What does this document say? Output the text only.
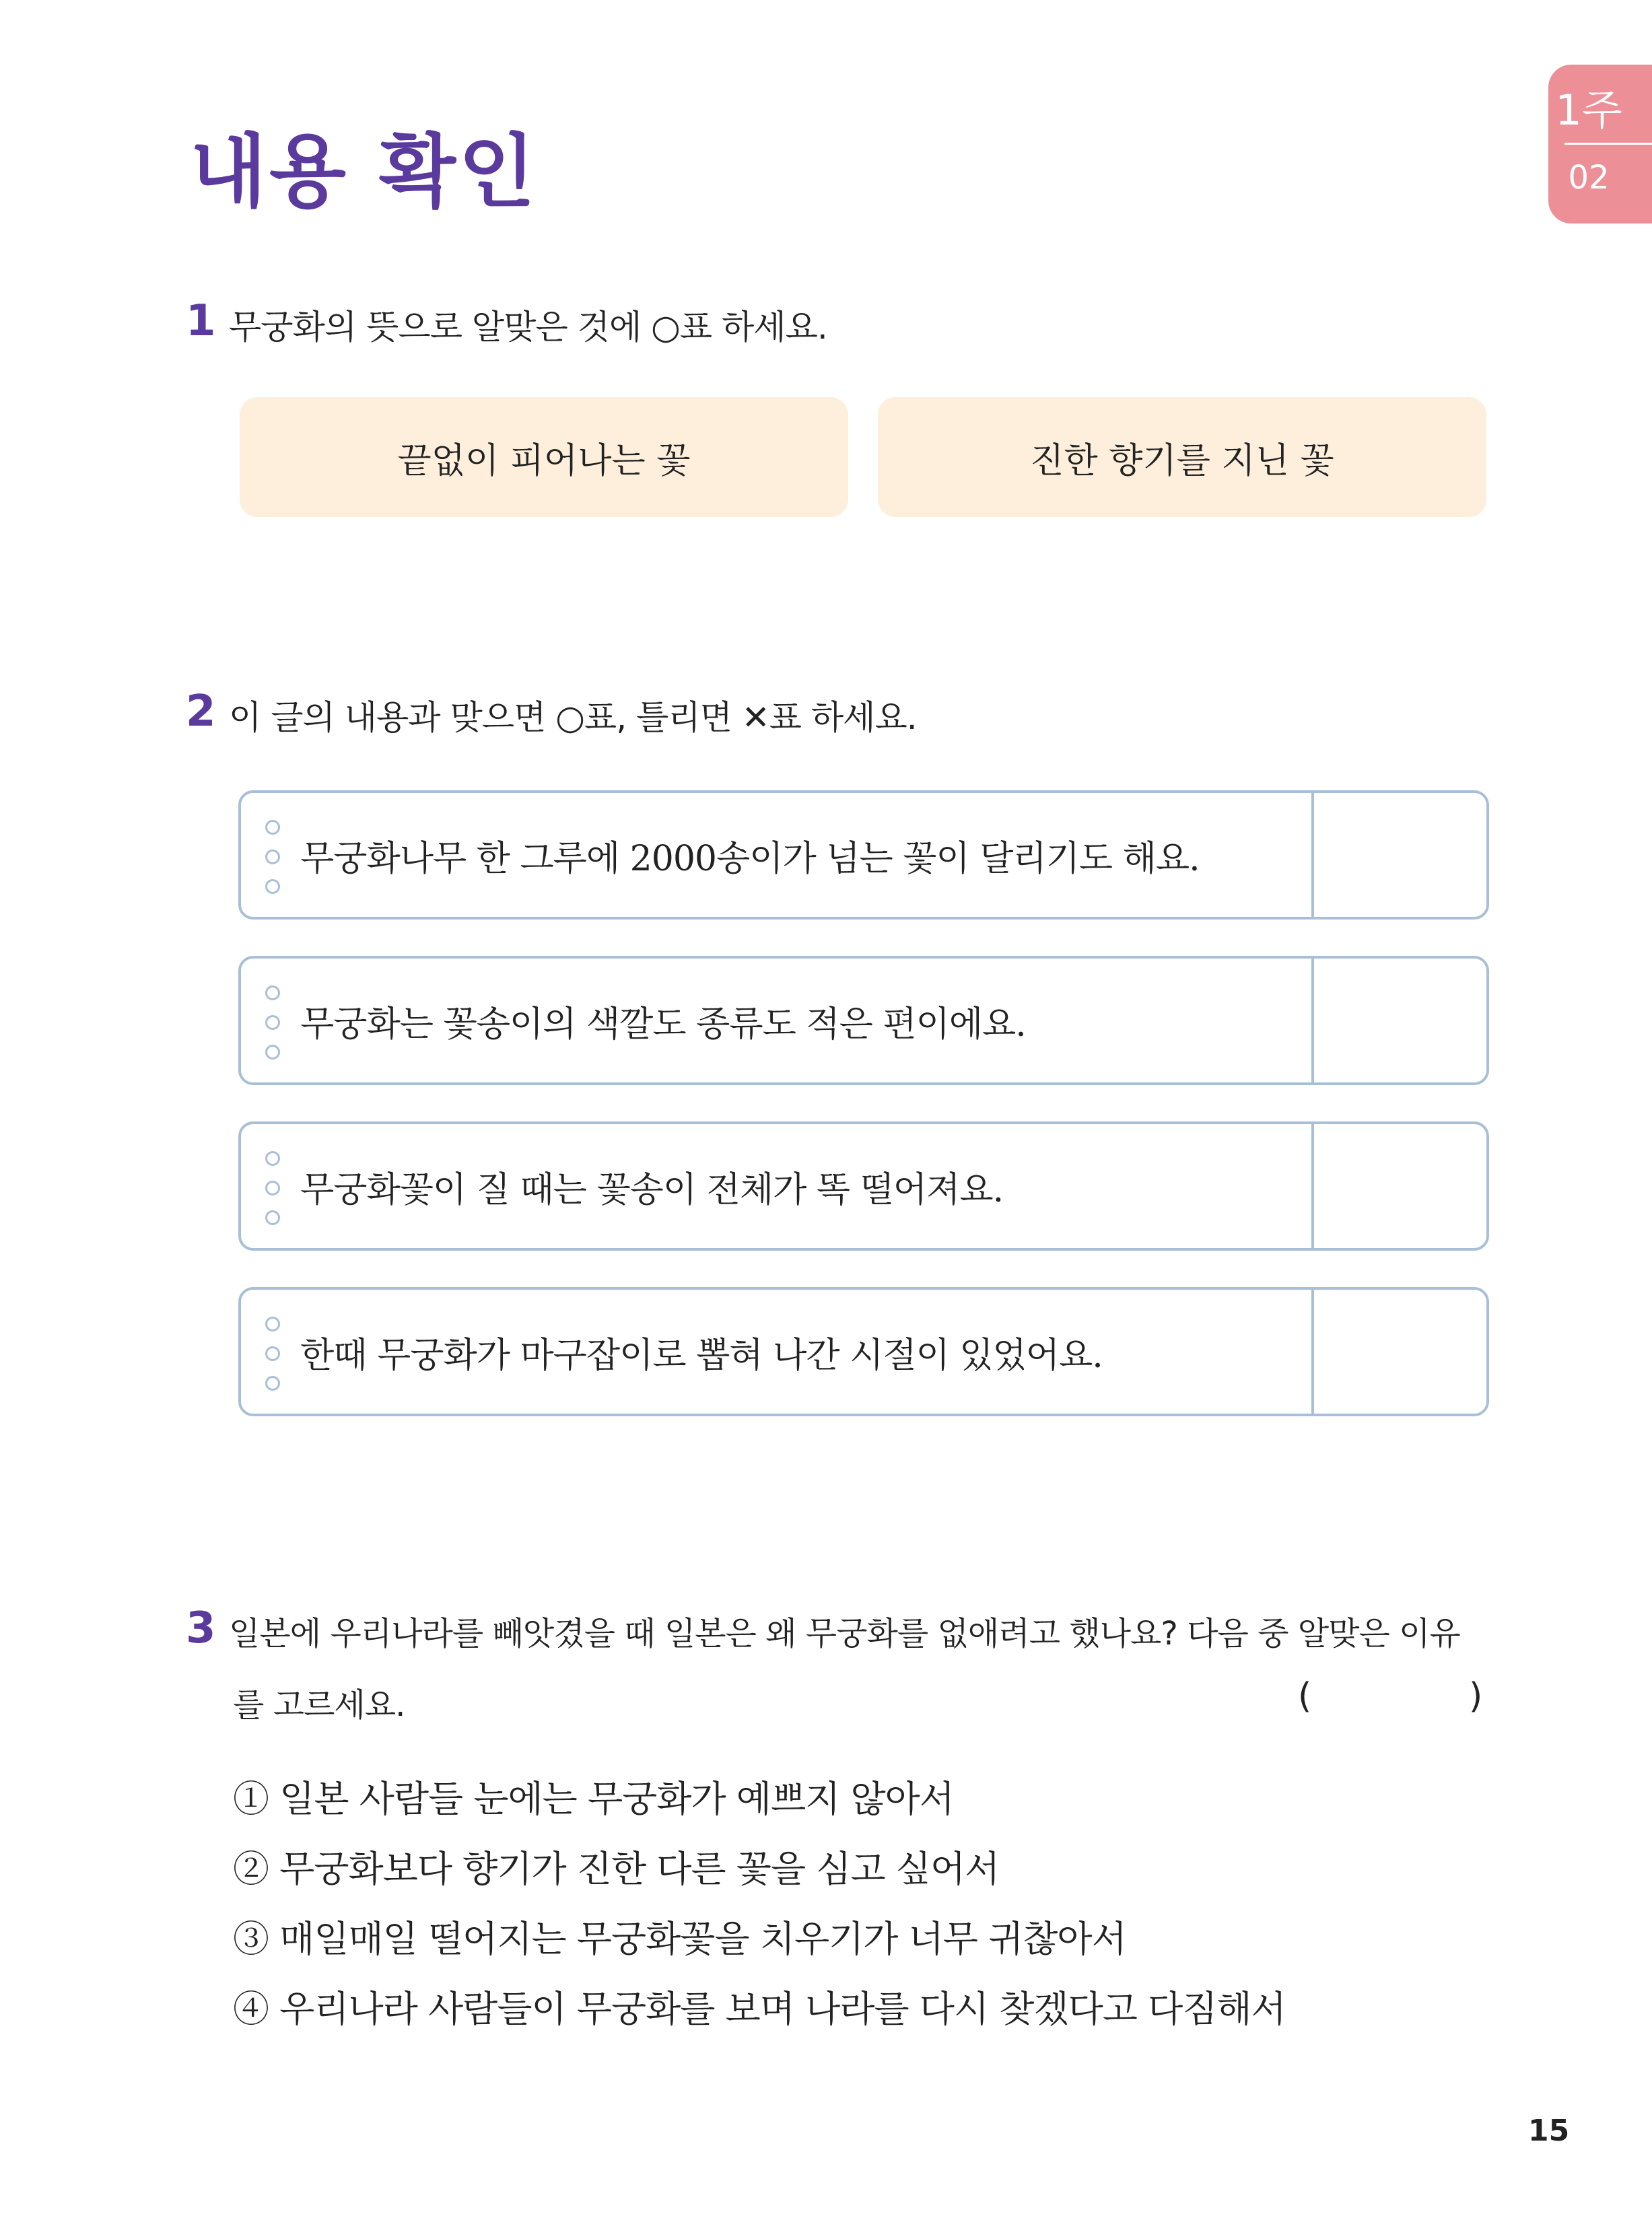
내용 확인
1주
02
1 무궁화의 뜻으로 알맞은 것에 ○표 하세요.
끝없이 피어나는 꽃	진한 향기를 지닌 꽃
2 이 글의 내용과 맞으면 ○표, 틀리면 ✕표 하세요.
무궁화나무 한 그루에 2000송이가 넘는 꽃이 달리기도 해요.
무궁화는 꽃송이의 색깔도 종류도 적은 편이에요.
무궁화꽃이 질 때는 꽃송이 전체가 똑 떨어져요.
한때 무궁화가 마구잡이로 뽑혀 나간 시절이 있었어요.
3 일본에 우리나라를 빼앗겼을 때 일본은 왜 무궁화를 없애려고 했나요? 다음 중 알맞은 이유
를 고르세요.	(	)
① 일본 사람들 눈에는 무궁화가 예쁘지 않아서
② 무궁화보다 향기가 진한 다른 꽃을 심고 싶어서
③ 매일매일 떨어지는 무궁화꽃을 치우기가 너무 귀찮아서
④ 우리나라 사람들이 무궁화를 보며 나라를 다시 찾겠다고 다짐해서
15
